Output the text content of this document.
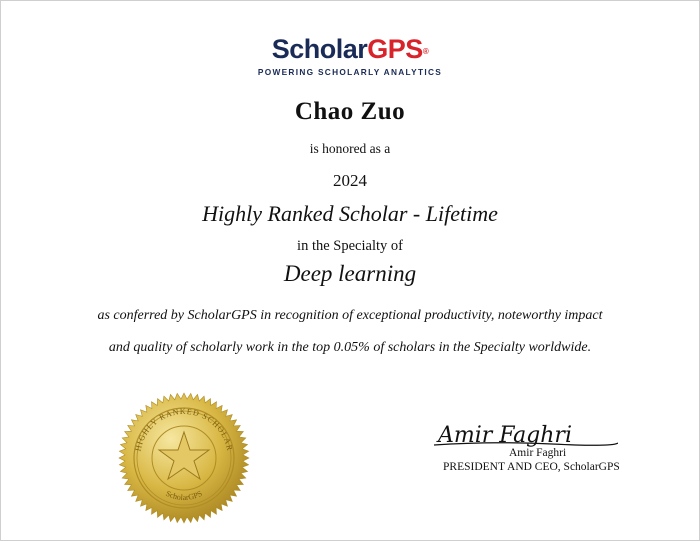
ScholarGPS®
POWERING SCHOLARLY ANALYTICS
Chao Zuo
is honored as a
2024
Highly Ranked Scholar - Lifetime
in the Specialty of
Deep learning
as conferred by ScholarGPS in recognition of exceptional productivity, noteworthy impact
and quality of scholarly work in the top 0.05% of scholars in the Specialty worldwide.
HIGHLY RANKED SCHOLAR
ScholarGPS
Amir Faghri
Amir Faghri
PRESIDENT AND CEO, ScholarGPS
